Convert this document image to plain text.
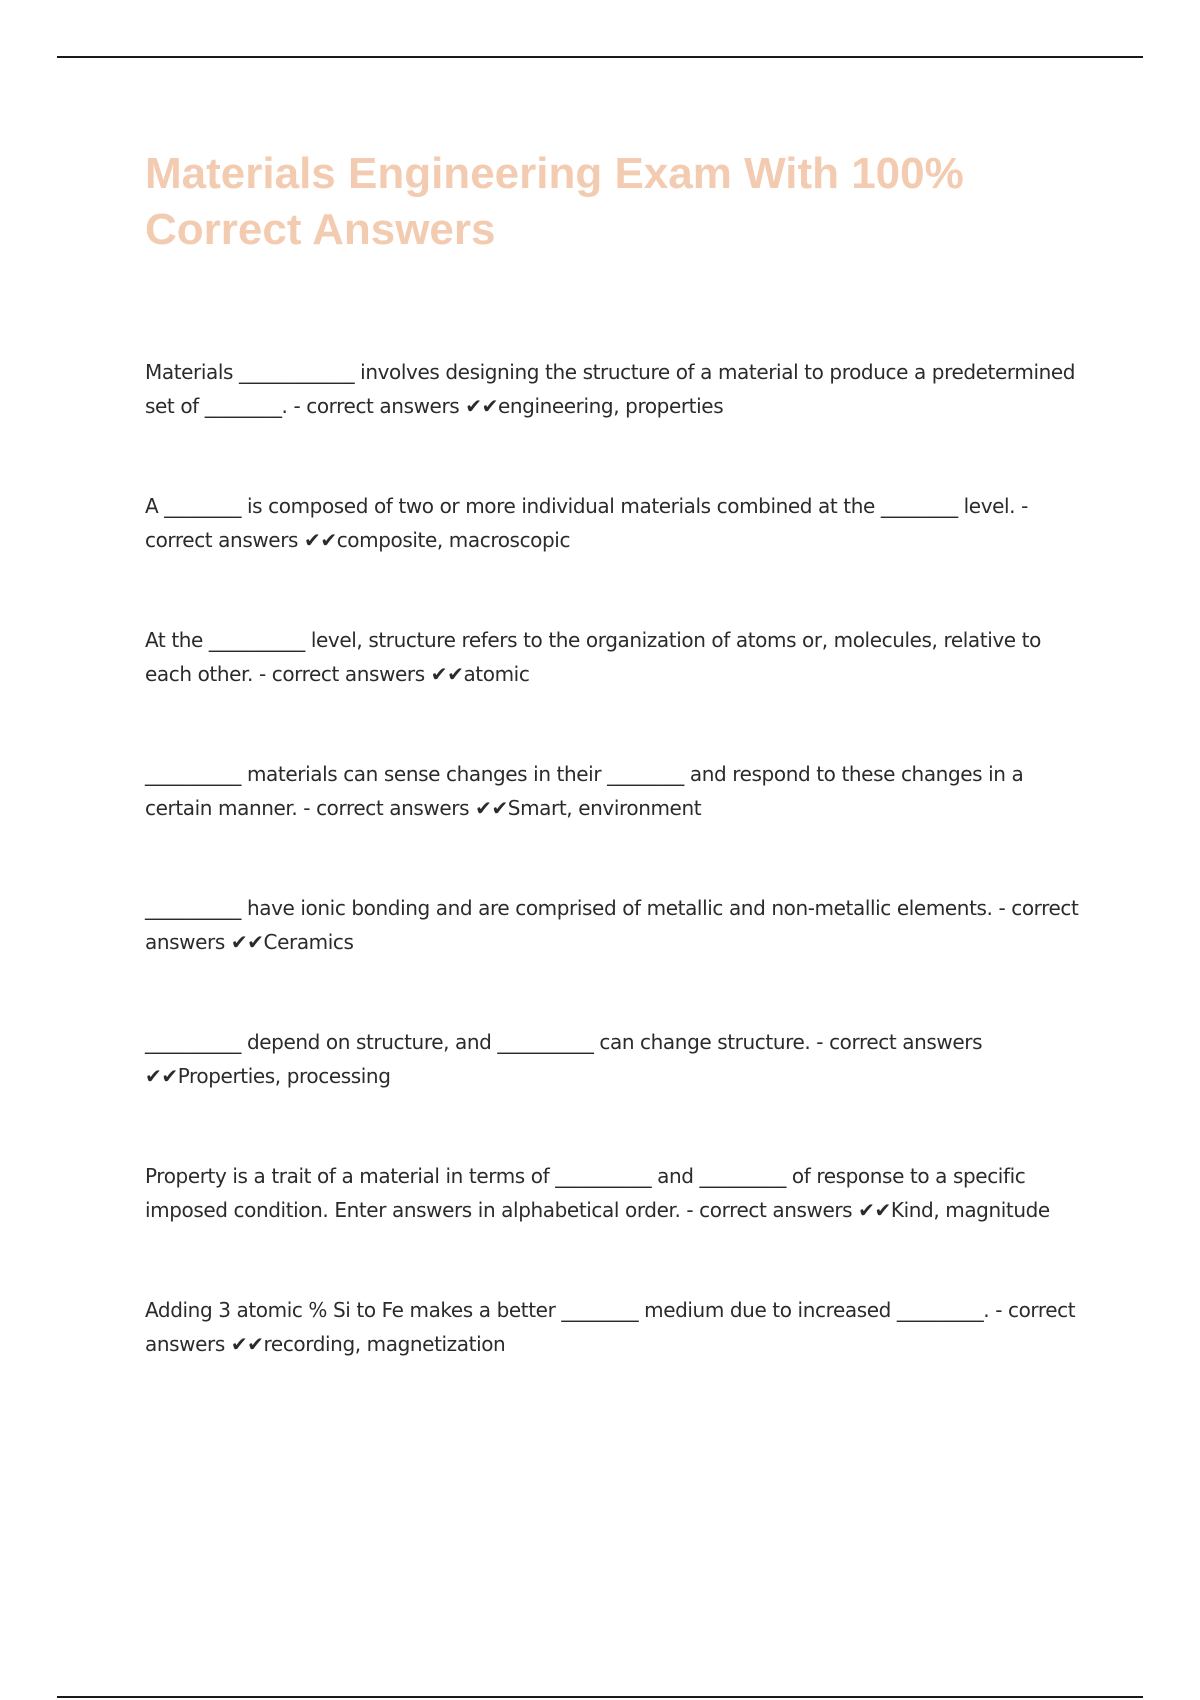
Materials Engineering Exam With 100% Correct Answers

Materials ____________ involves designing the structure of a material to produce a predetermined set of ________. - correct answers ✔✔engineering, properties

A ________ is composed of two or more individual materials combined at the ________ level. - correct answers ✔✔composite, macroscopic

At the __________ level, structure refers to the organization of atoms or, molecules, relative to each other. - correct answers ✔✔atomic

__________ materials can sense changes in their ________ and respond to these changes in a certain manner. - correct answers ✔✔Smart, environment

__________ have ionic bonding and are comprised of metallic and non-metallic elements. - correct answers ✔✔Ceramics

__________ depend on structure, and __________ can change structure. - correct answers ✔✔Properties, processing

Property is a trait of a material in terms of __________ and _________ of response to a specific imposed condition. Enter answers in alphabetical order. - correct answers ✔✔Kind, magnitude

Adding 3 atomic % Si to Fe makes a better ________ medium due to increased _________. - correct answers ✔✔recording, magnetization
